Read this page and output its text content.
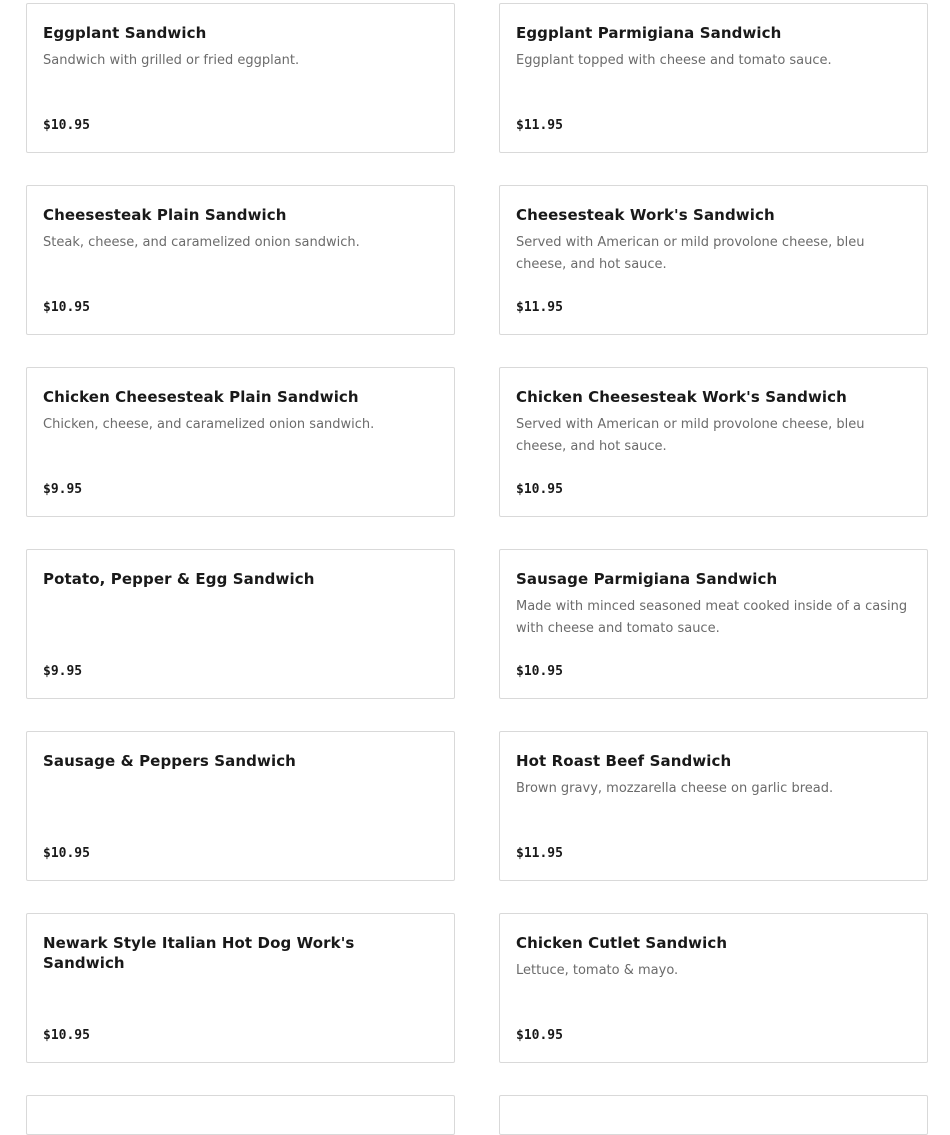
Eggplant Sandwich
Sandwich with grilled or fried eggplant.
$10.95
Eggplant Parmigiana Sandwich
Eggplant topped with cheese and tomato sauce.
$11.95
Cheesesteak Plain Sandwich
Steak, cheese, and caramelized onion sandwich.
$10.95
Cheesesteak Work's Sandwich
Served with American or mild provolone cheese, bleu cheese, and hot sauce.
$11.95
Chicken Cheesesteak Plain Sandwich
Chicken, cheese, and caramelized onion sandwich.
$9.95
Chicken Cheesesteak Work's Sandwich
Served with American or mild provolone cheese, bleu cheese, and hot sauce.
$10.95
Potato, Pepper & Egg Sandwich
$9.95
Sausage Parmigiana Sandwich
Made with minced seasoned meat cooked inside of a casing with cheese and tomato sauce.
$10.95
Sausage & Peppers Sandwich
$10.95
Hot Roast Beef Sandwich
Brown gravy, mozzarella cheese on garlic bread.
$11.95
Newark Style Italian Hot Dog Work's Sandwich
$10.95
Chicken Cutlet Sandwich
Lettuce, tomato & mayo.
$10.95
